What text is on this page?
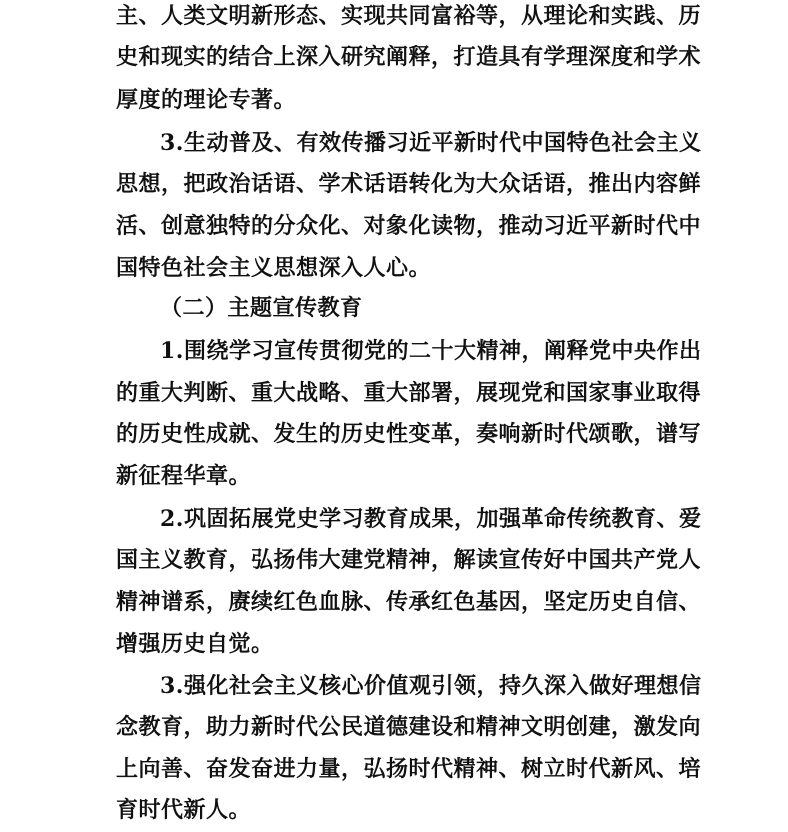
主、人类文明新形态、实现共同富裕等，从理论和实践、历
史和现实的结合上深入研究阐释，打造具有学理深度和学术
厚度的理论专著。
3.生动普及、有效传播习近平新时代中国特色社会主义
思想，把政治话语、学术话语转化为大众话语，推出内容鲜
活、创意独特的分众化、对象化读物，推动习近平新时代中
国特色社会主义思想深入人心。
（二）主题宣传教育
1.围绕学习宣传贯彻党的二十大精神，阐释党中央作出
的重大判断、重大战略、重大部署，展现党和国家事业取得
的历史性成就、发生的历史性变革，奏响新时代颂歌，谱写
新征程华章。
2.巩固拓展党史学习教育成果，加强革命传统教育、爱
国主义教育，弘扬伟大建党精神，解读宣传好中国共产党人
精神谱系，赓续红色血脉、传承红色基因，坚定历史自信、
增强历史自觉。
3.强化社会主义核心价值观引领，持久深入做好理想信
念教育，助力新时代公民道德建设和精神文明创建，激发向
上向善、奋发奋进力量，弘扬时代精神、树立时代新风、培
育时代新人。
